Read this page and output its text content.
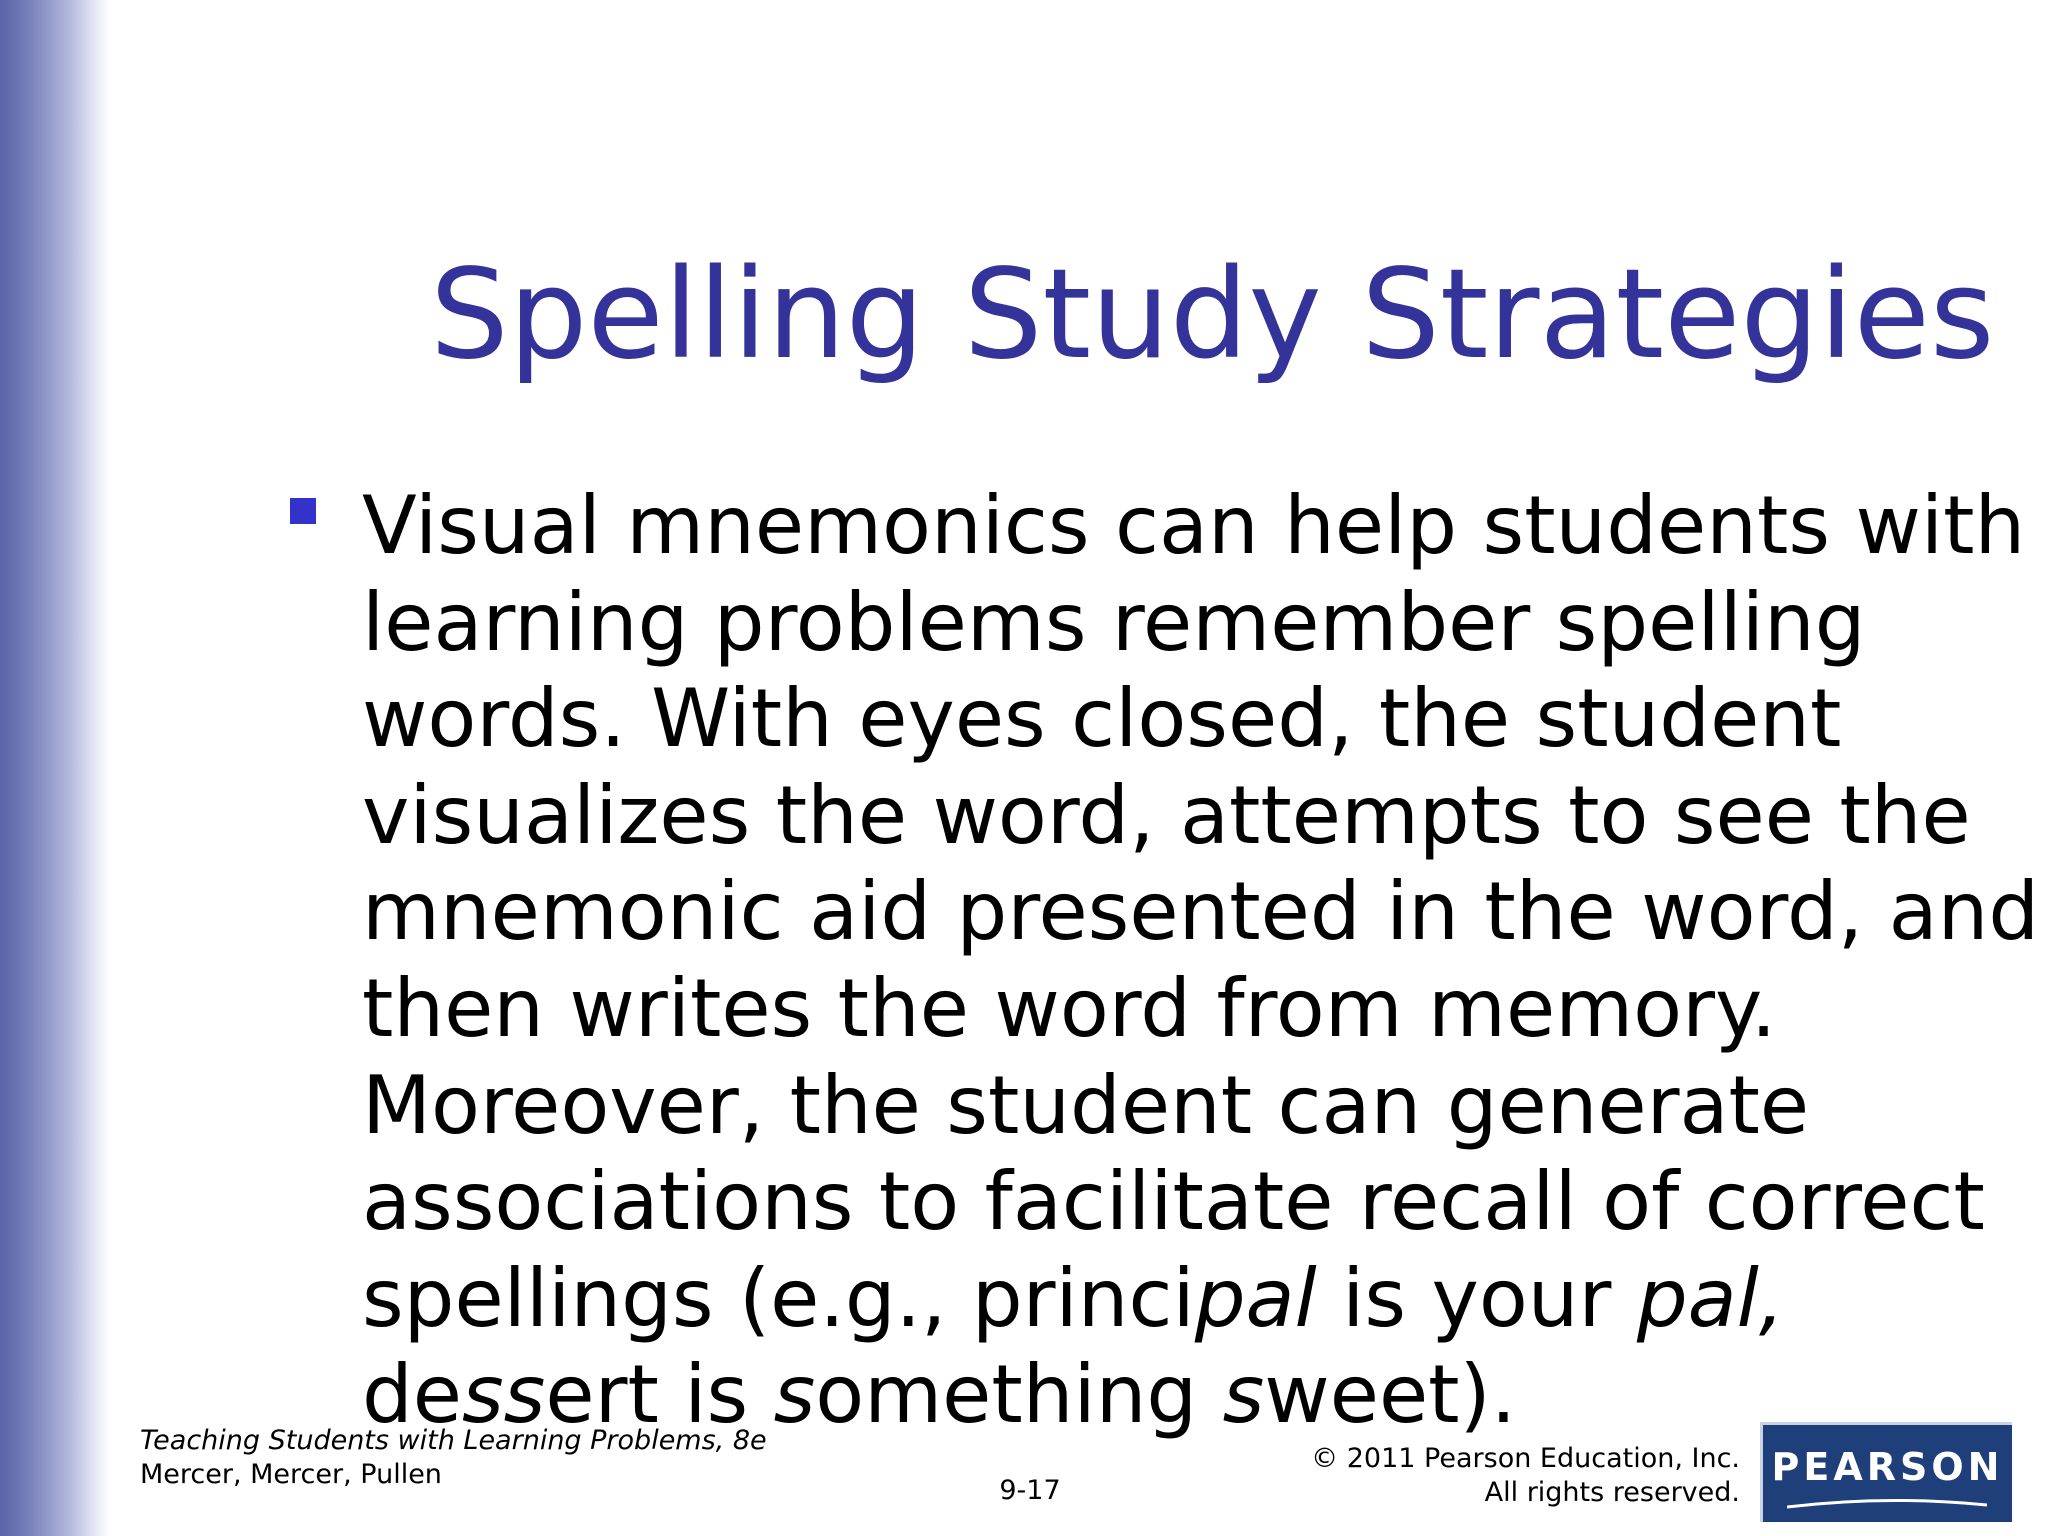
Spelling Study Strategies
Visual mnemonics can help students with learning problems remember spelling words. With eyes closed, the student visualizes the word, attempts to see the mnemonic aid presented in the word, and then writes the word from memory. Moreover, the student can generate associations to facilitate recall of correct spellings (e.g., principal is your pal, dessert is something sweet).
Teaching Students with Learning Problems, 8e
Mercer, Mercer, Pullen
9-17
© 2011 Pearson Education, Inc.
All rights reserved.
PEARSON
